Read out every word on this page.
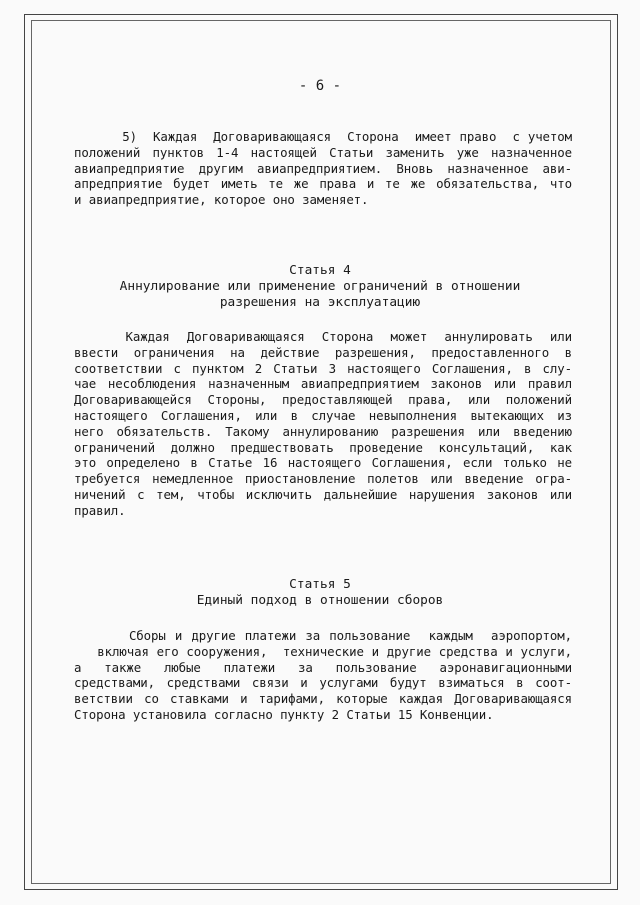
- 6 -
5)  Каждая  Договаривающаяся  Сторона  имеет право  с учетом
положений пунктов 1-4 настоящей Статьи заменить уже назначенное
авиапредприятие другим авиапредприятием. Вновь назначенное ави-
апредприятие будет иметь те же права и те же обязательства, что
и авиапредприятие, которое оно заменяет.
Статья 4
Аннулирование или применение ограничений в отношении
разрешения на эксплуатацию
Каждая  Договаривающаяся  Сторона  может  аннулировать  или
ввести ограничения на действие разрешения, предоставленного в
соответствии с пунктом 2 Статьи 3 настоящего Соглашения, в слу-
чае несоблюдения назначенным авиапредприятием законов или правил
Договаривающейся Стороны, предоставляющей права, или положений
настоящего Соглашения, или в случае невыполнения вытекающих из
него обязательств. Такому аннулированию разрешения или введению
ограничений должно предшествовать проведение консультаций, как
это определено в Статье 16 настоящего Соглашения, если только не
требуется немедленное приостановление полетов или введение огра-
ничений с тем, чтобы исключить дальнейшие нарушения законов или
правил.
Статья 5
Единый подход в отношении сборов
Сборы и другие платежи за пользование  каждым  аэропортом,
включая его сооружения,  технические и другие средства и услуги,
а также любые платежи за пользование аэронавигационными
средствами, средствами связи и услугами будут взиматься в соот-
ветствии со ставками и тарифами, которые каждая Договаривающаяся
Сторона установила согласно пункту 2 Статьи 15 Конвенции.
